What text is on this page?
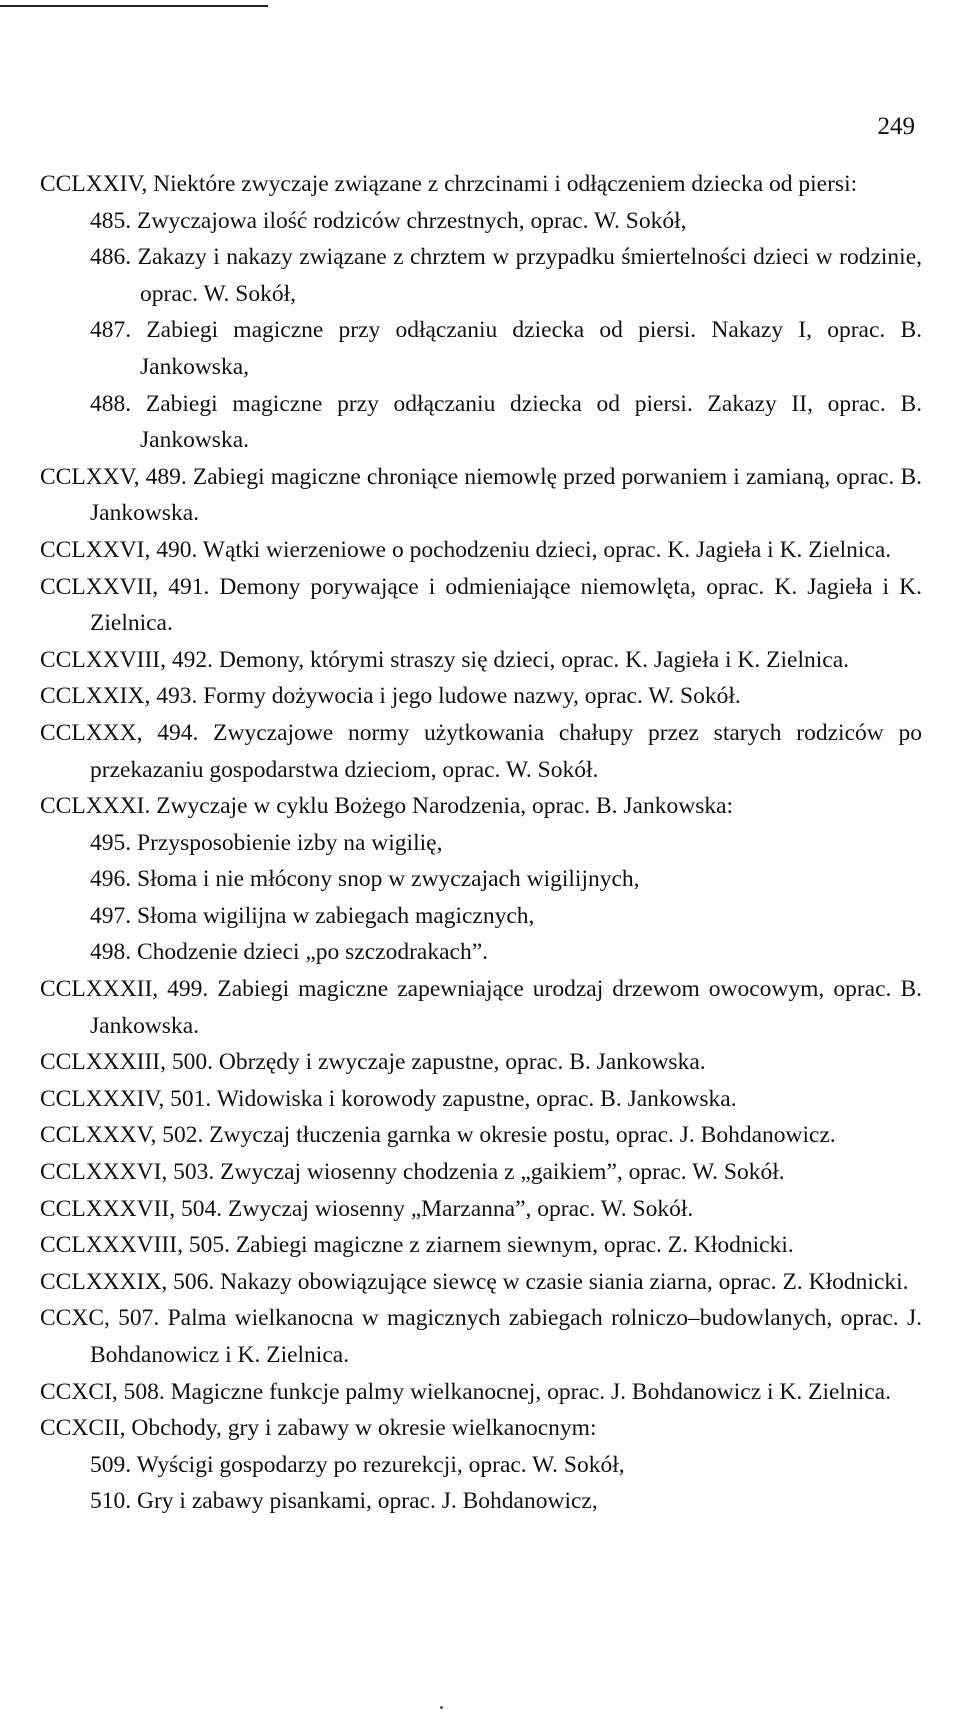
249
CCLXXIV, Niektóre zwyczaje związane z chrzcinami i odłączeniem dziecka od piersi:
485. Zwyczajowa ilość rodziców chrzestnych, oprac. W. Sokół,
486. Zakazy i nakazy związane z chrztem w przypadku śmiertelności dzieci w rodzinie, oprac. W. Sokół,
487. Zabiegi magiczne przy odłączaniu dziecka od piersi. Nakazy I, oprac. B. Jankowska,
488. Zabiegi magiczne przy odłączaniu dziecka od piersi. Zakazy II, oprac. B. Jankowska.
CCLXXV, 489. Zabiegi magiczne chroniące niemowlę przed porwaniem i zamianą, oprac. B. Jankowska.
CCLXXVI, 490. Wątki wierzeniowe o pochodzeniu dzieci, oprac. K. Jagieła i K. Zielnica.
CCLXXVII, 491. Demony porywające i odmieniające niemowlęta, oprac. K. Jagieła i K. Zielnica.
CCLXXVIII, 492. Demony, którymi straszy się dzieci, oprac. K. Jagieła i K. Zielnica.
CCLXXIX, 493. Formy dożywocia i jego ludowe nazwy, oprac. W. Sokół.
CCLXXX, 494. Zwyczajowe normy użytkowania chałupy przez starych rodziców po przekazaniu gospodarstwa dzieciom, oprac. W. Sokół.
CCLXXXI. Zwyczaje w cyklu Bożego Narodzenia, oprac. B. Jankowska:
495. Przysposobienie izby na wigilię,
496. Słoma i nie młócony snop w zwyczajach wigilijnych,
497. Słoma wigilijna w zabiegach magicznych,
498. Chodzenie dzieci „po szczodrakach”.
CCLXXXII, 499. Zabiegi magiczne zapewniające urodzaj drzewom owocowym, oprac. B. Jankowska.
CCLXXXIII, 500. Obrzędy i zwyczaje zapustne, oprac. B. Jankowska.
CCLXXXIV, 501. Widowiska i korowody zapustne, oprac. B. Jankowska.
CCLXXXV, 502. Zwyczaj tłuczenia garnka w okresie postu, oprac. J. Bohdanowicz.
CCLXXXVI, 503. Zwyczaj wiosenny chodzenia z „gaikiem”, oprac. W. Sokół.
CCLXXXVII, 504. Zwyczaj wiosenny „Marzanna”, oprac. W. Sokół.
CCLXXXVIII, 505. Zabiegi magiczne z ziarnem siewnym, oprac. Z. Kłodnicki.
CCLXXXIX, 506. Nakazy obowiązujące siewcę w czasie siania ziarna, oprac. Z. Kłodnicki.
CCXC, 507. Palma wielkanocna w magicznych zabiegach rolniczo–budowlanych, oprac. J. Bohdanowicz i K. Zielnica.
CCXCI, 508. Magiczne funkcje palmy wielkanocnej, oprac. J. Bohdanowicz i K. Zielnica.
CCXCII, Obchody, gry i zabawy w okresie wielkanocnym:
509. Wyścigi gospodarzy po rezurekcji, oprac. W. Sokół,
510. Gry i zabawy pisankami, oprac. J. Bohdanowicz,
